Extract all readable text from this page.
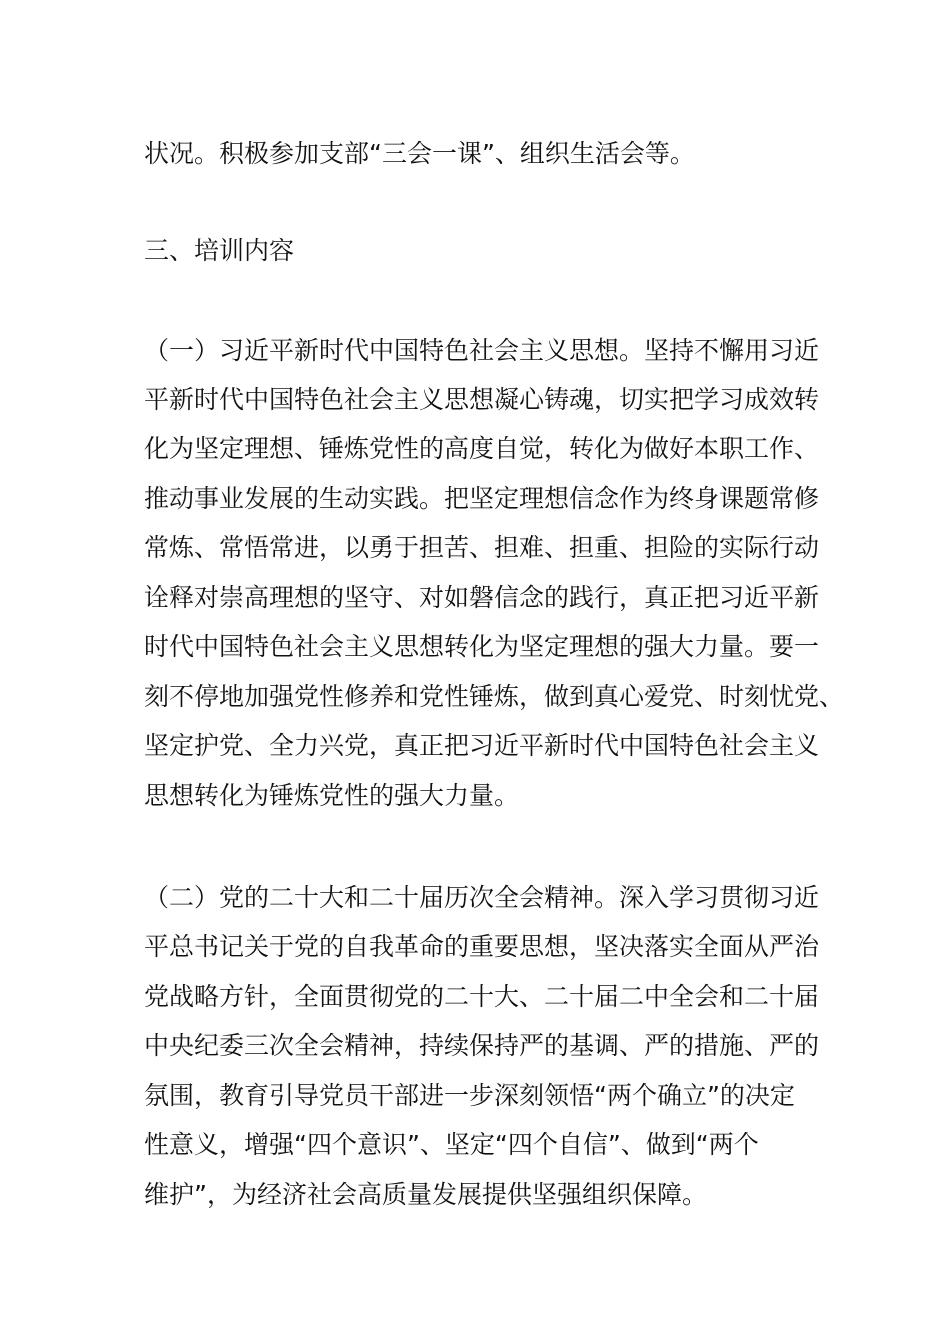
状况。积极参加支部“三会一课”、组织生活会等。
三、培训内容
（一）习近平新时代中国特色社会主义思想。坚持不懈用习近
平新时代中国特色社会主义思想凝心铸魂，切实把学习成效转
化为坚定理想、锤炼党性的高度自觉，转化为做好本职工作、
推动事业发展的生动实践。把坚定理想信念作为终身课题常修
常炼、常悟常进，以勇于担苦、担难、担重、担险的实际行动
诠释对崇高理想的坚守、对如磐信念的践行，真正把习近平新
时代中国特色社会主义思想转化为坚定理想的强大力量。要一
刻不停地加强党性修养和党性锤炼，做到真心爱党、时刻忧党、
坚定护党、全力兴党，真正把习近平新时代中国特色社会主义
思想转化为锤炼党性的强大力量。
（二）党的二十大和二十届历次全会精神。深入学习贯彻习近
平总书记关于党的自我革命的重要思想，坚决落实全面从严治
党战略方针，全面贯彻党的二十大、二十届二中全会和二十届
中央纪委三次全会精神，持续保持严的基调、严的措施、严的
氛围，教育引导党员干部进一步深刻领悟“两个确立”的决定
性意义，增强“四个意识”、坚定“四个自信”、做到“两个
维护”，为经济社会高质量发展提供坚强组织保障。
